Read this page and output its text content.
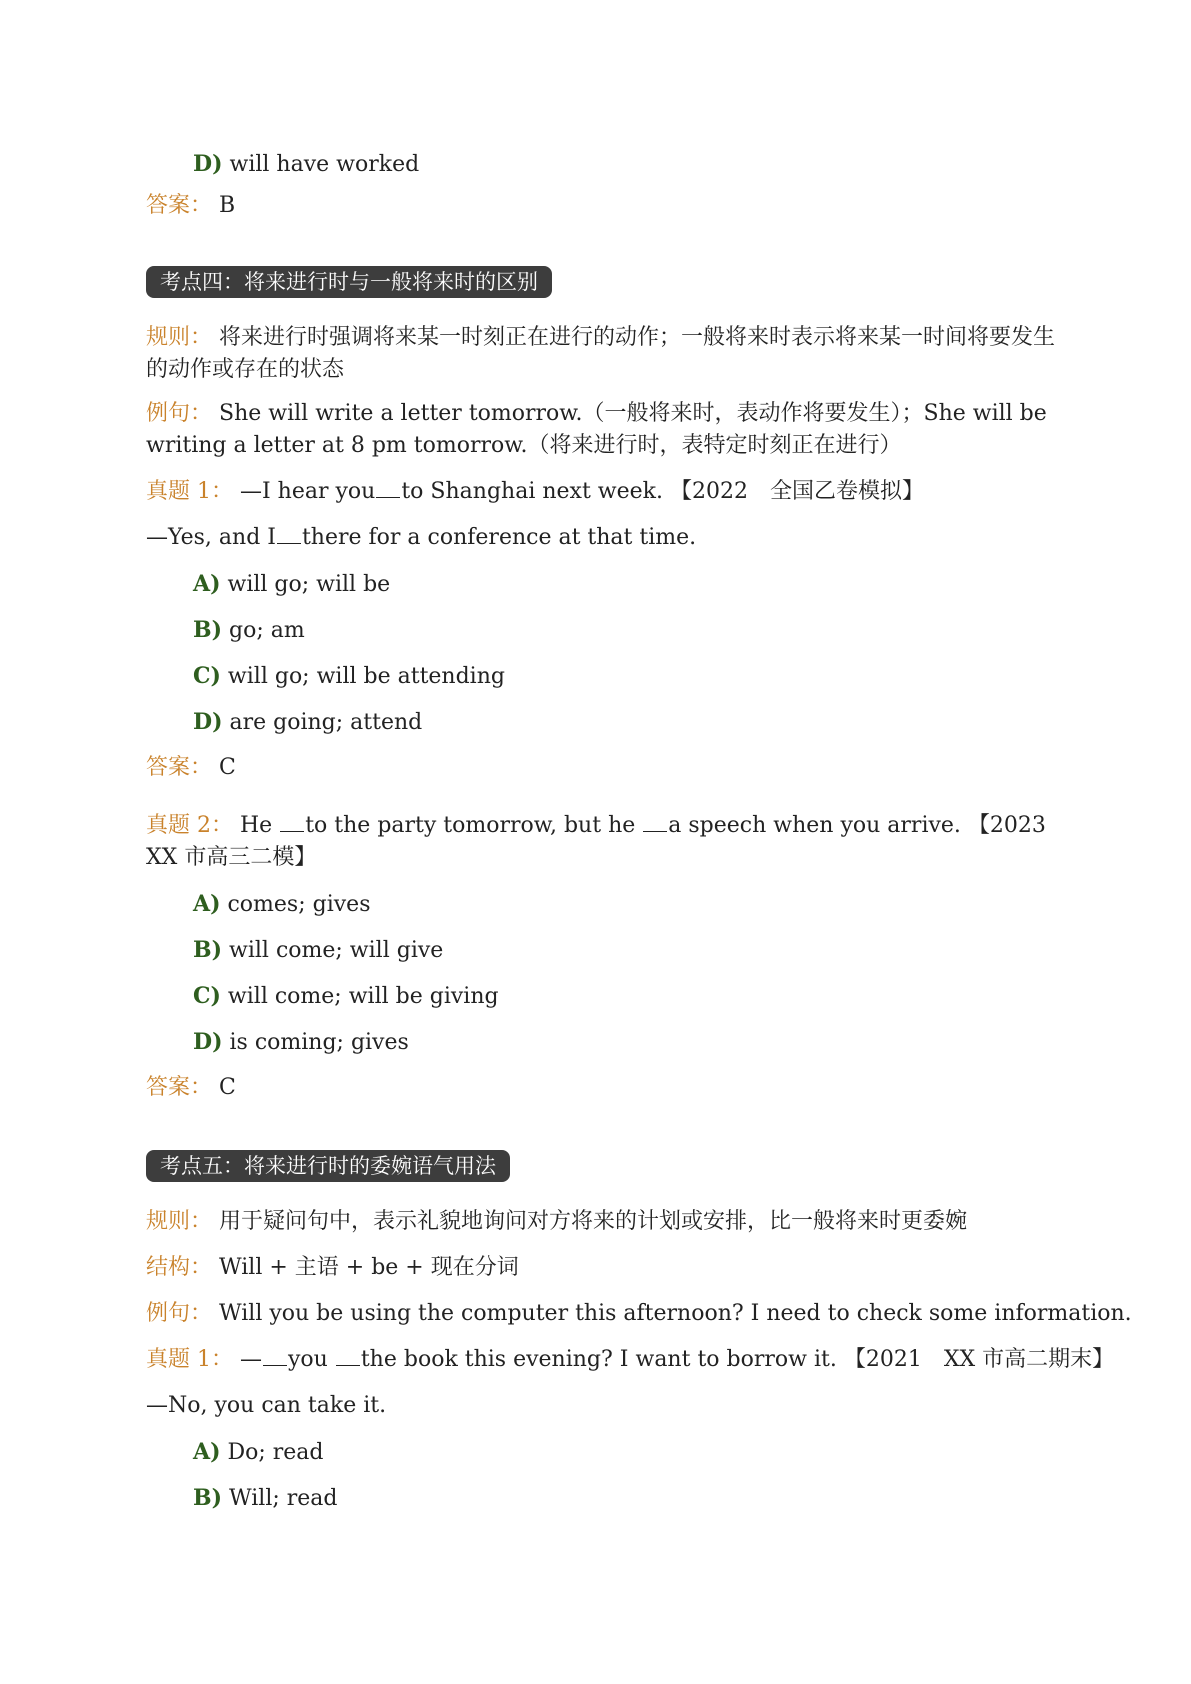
D) will have worked
答案： B
考点四：将来进行时与一般将来时的区别
规则： 将来进行时强调将来某一时刻正在进行的动作；一般将来时表示将来某一时间将要发生的动作或存在的状态
例句： She will write a letter tomorrow.（一般将来时，表动作将要发生）；She will be writing a letter at 8 pm tomorrow.（将来进行时，表特定时刻正在进行）
真题 1： —I hear you to Shanghai next week. 【2022　全国乙卷模拟】
—Yes, and I there for a conference at that time.
A) will go; will be
B) go; am
C) will go; will be attending
D) are going; attend
答案： C
真题 2： He to the party tomorrow, but he a speech when you arrive. 【2023　XX 市高三二模】
A) comes; gives
B) will come; will give
C) will come; will be giving
D) is coming; gives
答案： C
考点五：将来进行时的委婉语气用法
规则： 用于疑问句中，表示礼貌地询问对方将来的计划或安排，比一般将来时更委婉
结构： Will + 主语 + be + 现在分词
例句： Will you be using the computer this afternoon? I need to check some information.
真题 1： — you the book this evening? I want to borrow it. 【2021　XX 市高二期末】
—No, you can take it.
A) Do; read
B) Will; read
